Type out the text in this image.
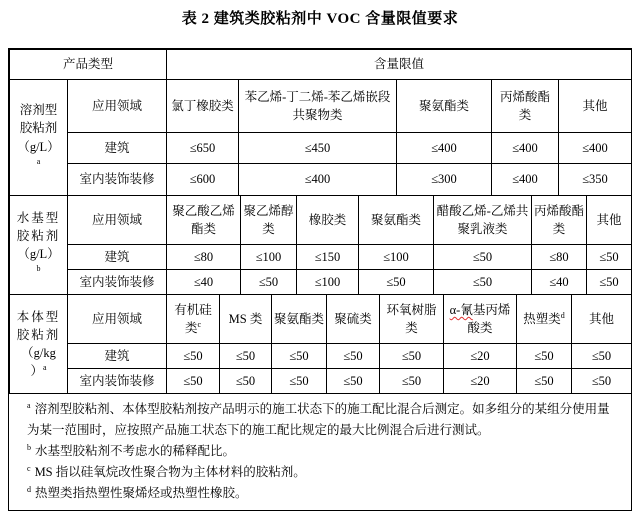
表 2 建筑类胶粘剂中 VOC 含量限值要求
产品类型	含量限值
溶剂型
胶粘剂
（g/L）
$^a$	应用领域	氯丁橡胶类	苯乙烯-丁二烯-苯乙烯嵌段共聚物类	聚氨酯类	丙烯酸酯类	其他
	建筑	≤650	≤450	≤400	≤400	≤400
	室内装饰装修	≤600	≤400	≤300	≤400	≤350
水基型
胶粘剂
（g/L）
$^b$	应用领域	聚乙酸乙烯酯类	聚乙烯醇类	橡胶类	聚氨酯类	醋酸乙烯-乙烯共聚乳液类	丙烯酸酯类	其他
	建筑	≤80	≤100	≤150	≤100	≤50	≤80	≤50
	室内装饰装修	≤40	≤50	≤100	≤50	≤50	≤40	≤50
本体型
胶粘剂
（g/kg
）$^a$	应用领域	有机硅类$^c$	MS 类	聚氨酯类	聚硫类	环氧树脂类	α-氰基丙烯酸类	热塑类$^d$	其他
	建筑	≤50	≤50	≤50	≤50	≤50	≤20	≤50	≤50
	室内装饰装修	≤50	≤50	≤50	≤50	≤50	≤20	≤50	≤50
$^a$ 溶剂型胶粘剂、本体型胶粘剂按产品明示的施工状态下的施工配比混合后测定。如多组分的某组分使用量为某一范围时，应按照产品施工状态下的施工配比规定的最大比例混合后进行测试。
$^b$ 水基型胶粘剂不考虑水的稀释配比。
$^c$ MS 指以硅氧烷改性聚合物为主体材料的胶粘剂。
$^d$ 热塑类指热塑性聚烯烃或热塑性橡胶。
